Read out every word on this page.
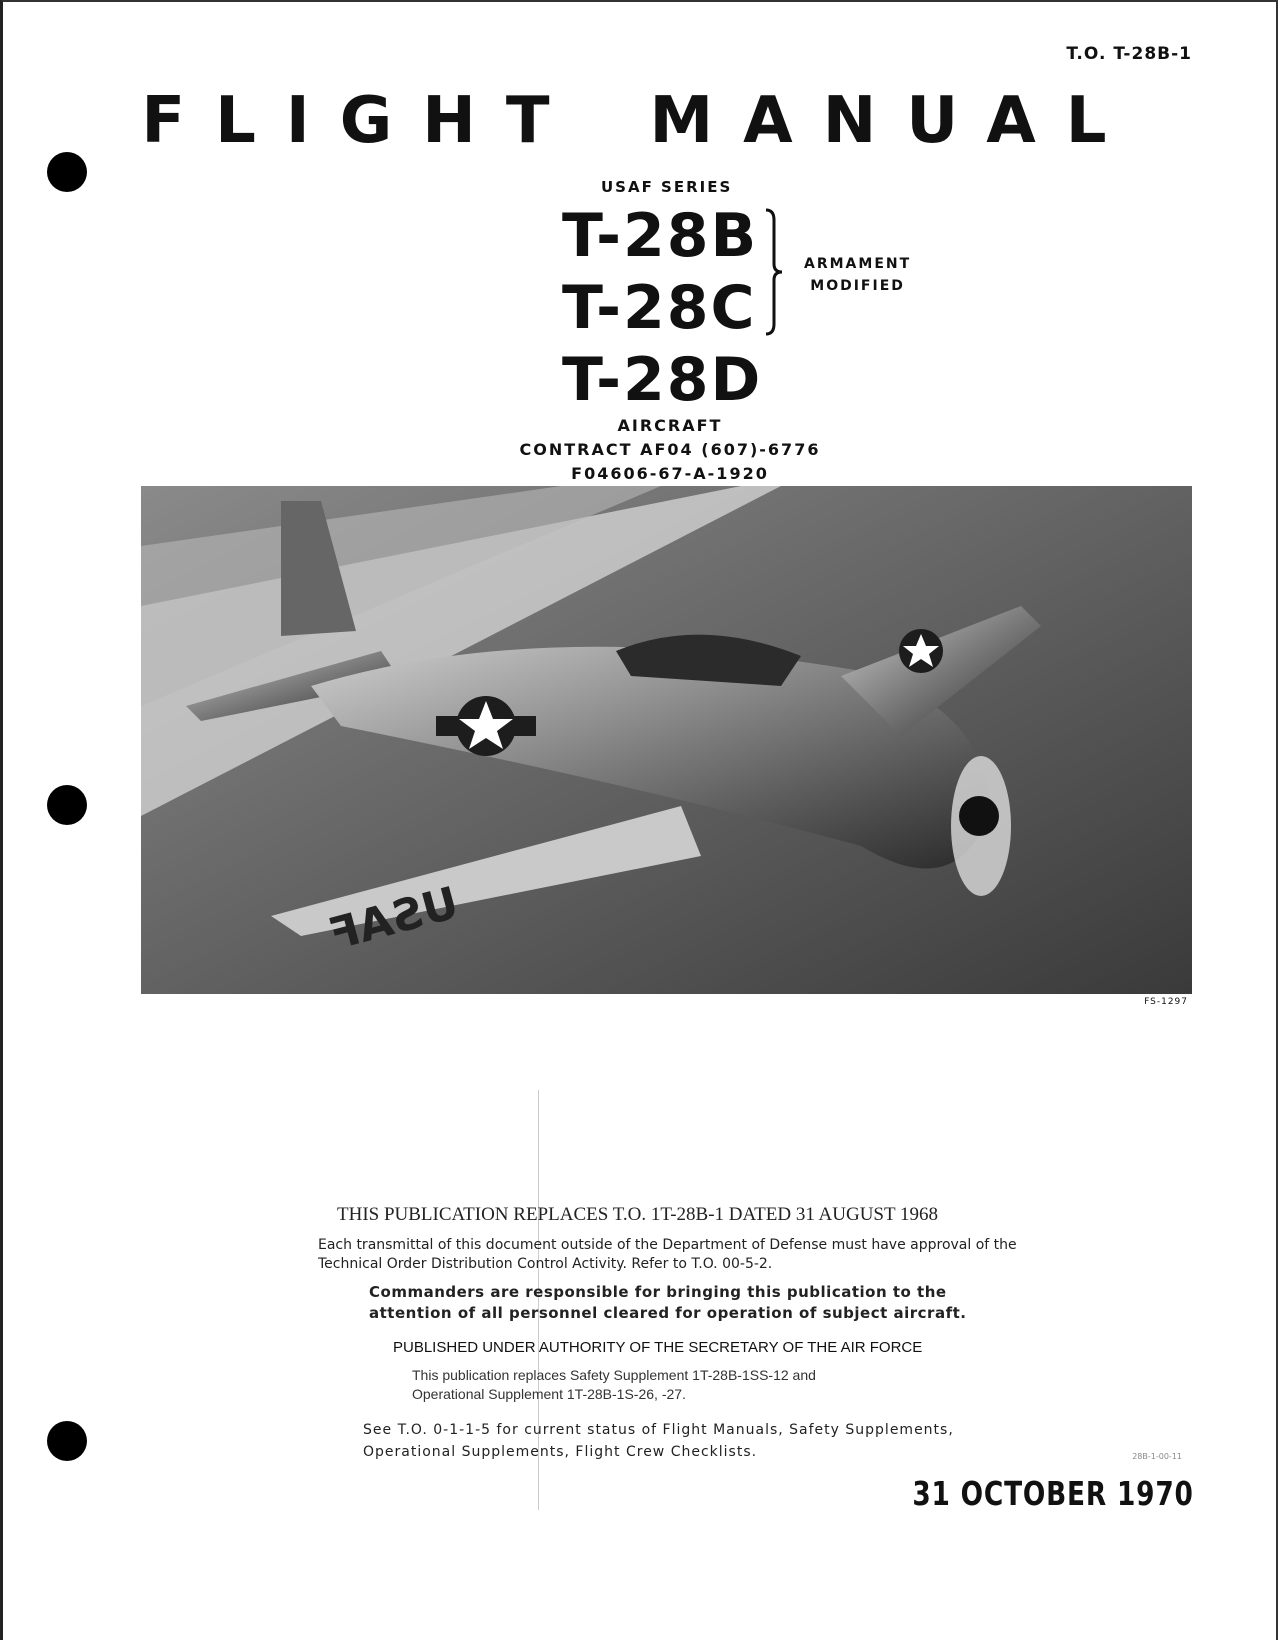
T.O. T-28B-1
FLIGHT MANUAL
USAF SERIES
T-28B
T-28C
T-28D
ARMAMENT
MODIFIED
AIRCRAFT
CONTRACT AF04 (607)-6776
F04606-67-A-1920
USAF
FS-1297
THIS PUBLICATION REPLACES T.O. 1T-28B-1 DATED 31 AUGUST 1968
Each transmittal of this document outside of the Department of Defense must have approval of the Technical Order Distribution Control Activity. Refer to T.O. 00-5-2.
Commanders are responsible for bringing this publication to the attention of all personnel cleared for operation of subject aircraft.
PUBLISHED UNDER AUTHORITY OF THE SECRETARY OF THE AIR FORCE
This publication replaces Safety Supplement 1T-28B-1SS-12 and
Operational Supplement 1T-28B-1S-26, -27.
See T.O. 0-1-1-5 for current status of Flight Manuals, Safety Supplements, Operational Supplements, Flight Crew Checklists.	28B-1-00-11
31 OCTOBER 1970
